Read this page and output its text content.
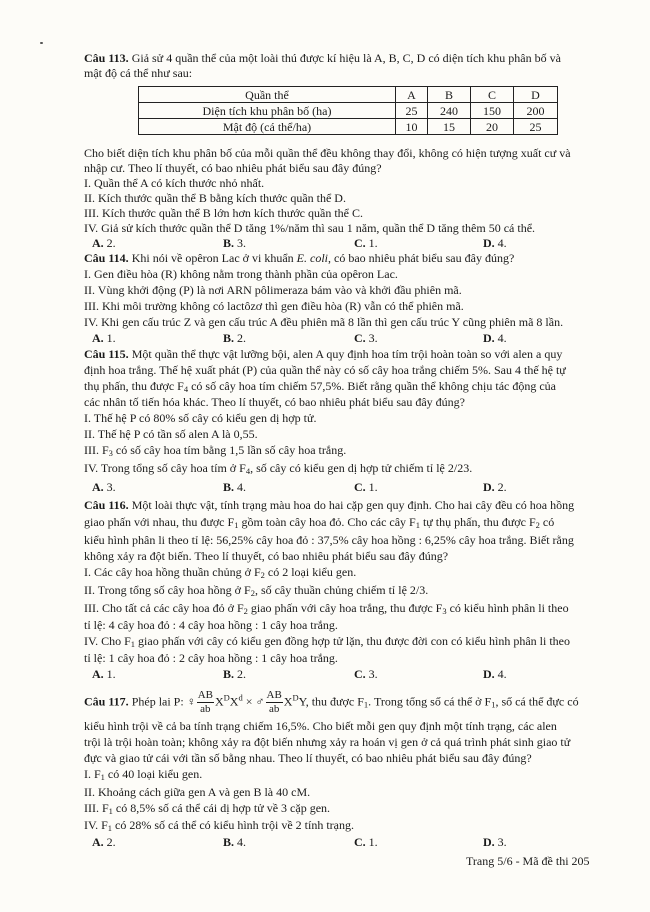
Câu 113. Giả sử 4 quần thể của một loài thú được kí hiệu là A, B, C, D có diện tích khu phân bố và
mật độ cá thể như sau:
Quần thể	A	B	C	D
Diện tích khu phân bố (ha)	25	240	150	200
Mật độ (cá thể/ha)	10	15	20	25
Cho biết diện tích khu phân bố của mỗi quần thể đều không thay đổi, không có hiện tượng xuất cư và
nhập cư. Theo lí thuyết, có bao nhiêu phát biểu sau đây đúng?
I. Quần thể A có kích thước nhỏ nhất.
II. Kích thước quần thể B bằng kích thước quần thể D.
III. Kích thước quần thể B lớn hơn kích thước quần thể C.
IV. Giả sử kích thước quần thể D tăng 1%/năm thì sau 1 năm, quần thể D tăng thêm 50 cá thể.
A. 2.	B. 3.	C. 1.	D. 4.
Câu 114. Khi nói về opêron Lac ở vi khuẩn E. coli, có bao nhiêu phát biểu sau đây đúng?
I. Gen điều hòa (R) không nằm trong thành phần của opêron Lac.
II. Vùng khởi động (P) là nơi ARN pôlimeraza bám vào và khởi đầu phiên mã.
III. Khi môi trường không có lactôzơ thì gen điều hòa (R) vẫn có thể phiên mã.
IV. Khi gen cấu trúc Z và gen cấu trúc A đều phiên mã 8 lần thì gen cấu trúc Y cũng phiên mã 8 lần.
A. 1.	B. 2.	C. 3.	D. 4.
Câu 115. Một quần thể thực vật lưỡng bội, alen A quy định hoa tím trội hoàn toàn so với alen a quy
định hoa trắng. Thế hệ xuất phát (P) của quần thể này có số cây hoa trắng chiếm 5%. Sau 4 thế hệ tự
thụ phấn, thu được $F_4$ có số cây hoa tím chiếm 57,5%. Biết rằng quần thể không chịu tác động của
các nhân tố tiến hóa khác. Theo lí thuyết, có bao nhiêu phát biểu sau đây đúng?
I. Thế hệ P có 80% số cây có kiểu gen dị hợp tử.
II. Thế hệ P có tần số alen A là 0,55.
III. $F_3$ có số cây hoa tím bằng 1,5 lần số cây hoa trắng.
IV. Trong tổng số cây hoa tím ở $F_4$, số cây có kiểu gen dị hợp tử chiếm tỉ lệ 2/23.
A. 3.	B. 4.	C. 1.	D. 2.
Câu 116. Một loài thực vật, tính trạng màu hoa do hai cặp gen quy định. Cho hai cây đều có hoa hồng
giao phấn với nhau, thu được $F_1$ gồm toàn cây hoa đỏ. Cho các cây $F_1$ tự thụ phấn, thu được $F_2$ có
kiểu hình phân li theo tỉ lệ: 56,25% cây hoa đỏ : 37,5% cây hoa hồng : 6,25% cây hoa trắng. Biết rằng
không xảy ra đột biến. Theo lí thuyết, có bao nhiêu phát biểu sau đây đúng?
I. Các cây hoa hồng thuần chủng ở $F_2$ có 2 loại kiểu gen.
II. Trong tổng số cây hoa hồng ở $F_2$, số cây thuần chủng chiếm tỉ lệ 2/3.
III. Cho tất cả các cây hoa đỏ ở $F_2$ giao phấn với cây hoa trắng, thu được $F_3$ có kiểu hình phân li theo
tỉ lệ: 4 cây hoa đỏ : 4 cây hoa hồng : 1 cây hoa trắng.
IV. Cho $F_1$ giao phấn với cây có kiểu gen đồng hợp tử lặn, thu được đời con có kiểu hình phân li theo
tỉ lệ: 1 cây hoa đỏ : 2 cây hoa hồng : 1 cây hoa trắng.
A. 1.	B. 2.	C. 3.	D. 4.
Câu 117. Phép lai P: ♀ $\frac{AB}{ab} X^DX^d$ × ♂ $\frac{AB}{ab} X^DY$, thu được $F_1$. Trong tổng số cá thể ở $F_1$, số cá thể đực có
kiểu hình trội về cả ba tính trạng chiếm 16,5%. Cho biết mỗi gen quy định một tính trạng, các alen
trội là trội hoàn toàn; không xảy ra đột biến nhưng xảy ra hoán vị gen ở cả quá trình phát sinh giao tử
đực và giao tử cái với tần số bằng nhau. Theo lí thuyết, có bao nhiêu phát biểu sau đây đúng?
I. $F_1$ có 40 loại kiểu gen.
II. Khoảng cách giữa gen A và gen B là 40 cM.
III. $F_1$ có 8,5% số cá thể cái dị hợp tử về 3 cặp gen.
IV. $F_1$ có 28% số cá thể có kiểu hình trội về 2 tính trạng.
A. 2.	B. 4.	C. 1.	D. 3.
Trang 5/6 - Mã đề thi 205
